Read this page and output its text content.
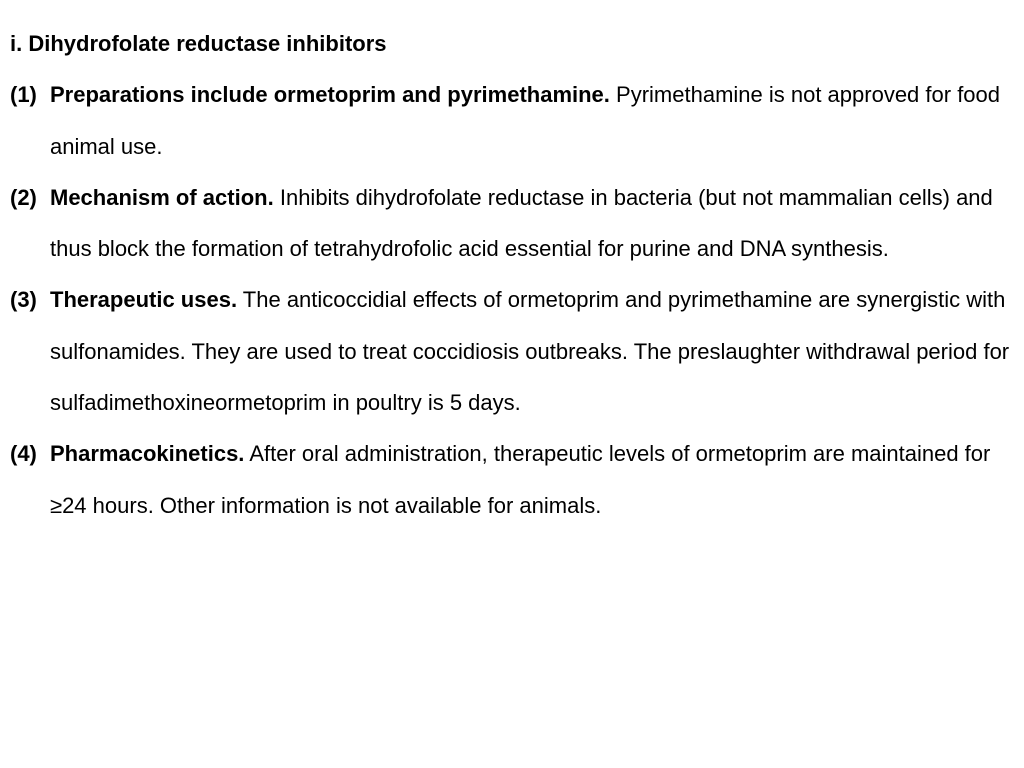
i. Dihydrofolate reductase inhibitors

(1) Preparations include ormetoprim and pyrimethamine. Pyrimethamine is not approved for food animal use.
(2) Mechanism of action. Inhibits dihydrofolate reductase in bacteria (but not mammalian cells) and thus block the formation of tetrahydrofolic acid essential for purine and DNA synthesis.
(3) Therapeutic uses. The anticoccidial effects of ormetoprim and pyrimethamine are synergistic with sulfonamides. They are used to treat coccidiosis outbreaks. The preslaughter withdrawal period for sulfadimethoxineormetoprim in poultry is 5 days.
(4) Pharmacokinetics. After oral administration, therapeutic levels of ormetoprim are maintained for ≥24 hours. Other information is not available for animals.
